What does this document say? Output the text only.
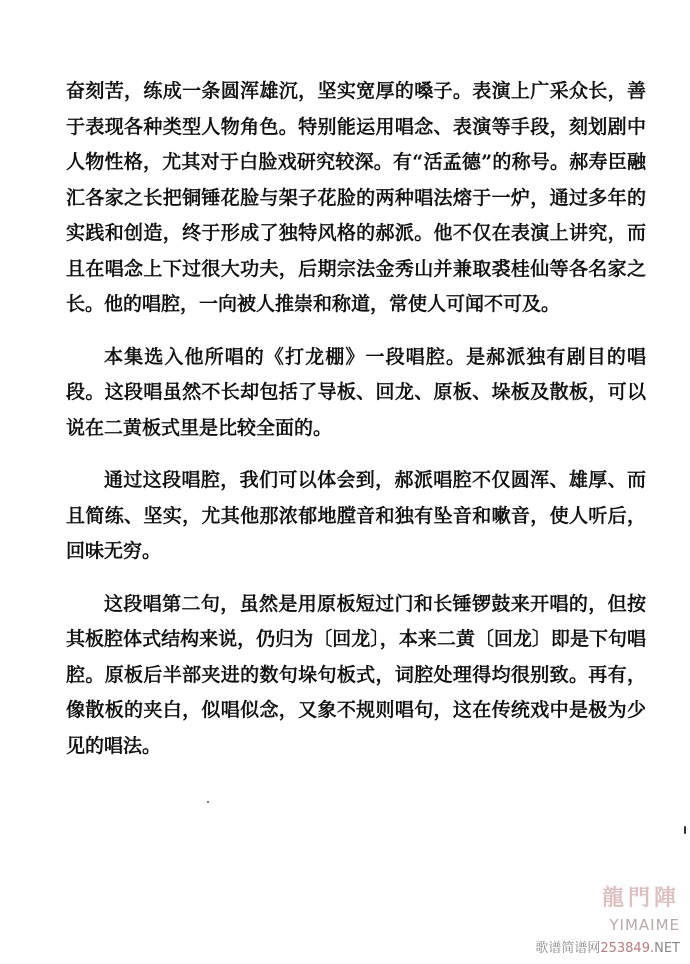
奋刻苦，练成一条圆浑雄沉，坚实宽厚的嗓子。表演上广采众长，善于表现各种类型人物角色。特别能运用唱念、表演等手段，刻划剧中人物性格，尤其对于白脸戏研究较深。有“活孟德”的称号。郝寿臣融汇各家之长把铜锤花脸与架子花脸的两种唱法熔于一炉，通过多年的实践和创造，终于形成了独特风格的郝派。他不仅在表演上讲究，而且在唱念上下过很大功夫，后期宗法金秀山并兼取裘桂仙等各名家之长。他的唱腔，一向被人推崇和称道，常使人可闻不可及。

本集选入他所唱的《打龙棚》一段唱腔。是郝派独有剧目的唱段。这段唱虽然不长却包括了导板、回龙、原板、垛板及散板，可以说在二黄板式里是比较全面的。

通过这段唱腔，我们可以体会到，郝派唱腔不仅圆浑、雄厚、而且简练、坚实，尤其他那浓郁地膛音和独有坠音和嗽音，使人听后，回味无穷。

这段唱第二句，虽然是用原板短过门和长锤锣鼓来开唱的，但按其板腔体式结构来说，仍归为〔回龙〕，本来二黄〔回龙〕即是下句唱腔。原板后半部夹进的数句垛句板式，词腔处理得均很别致。再有，像散板的夹白，似唱似念，又象不规则唱句，这在传统戏中是极为少见的唱法。

龍門陣
YIMAIME
歌谱简谱网253849.NET
